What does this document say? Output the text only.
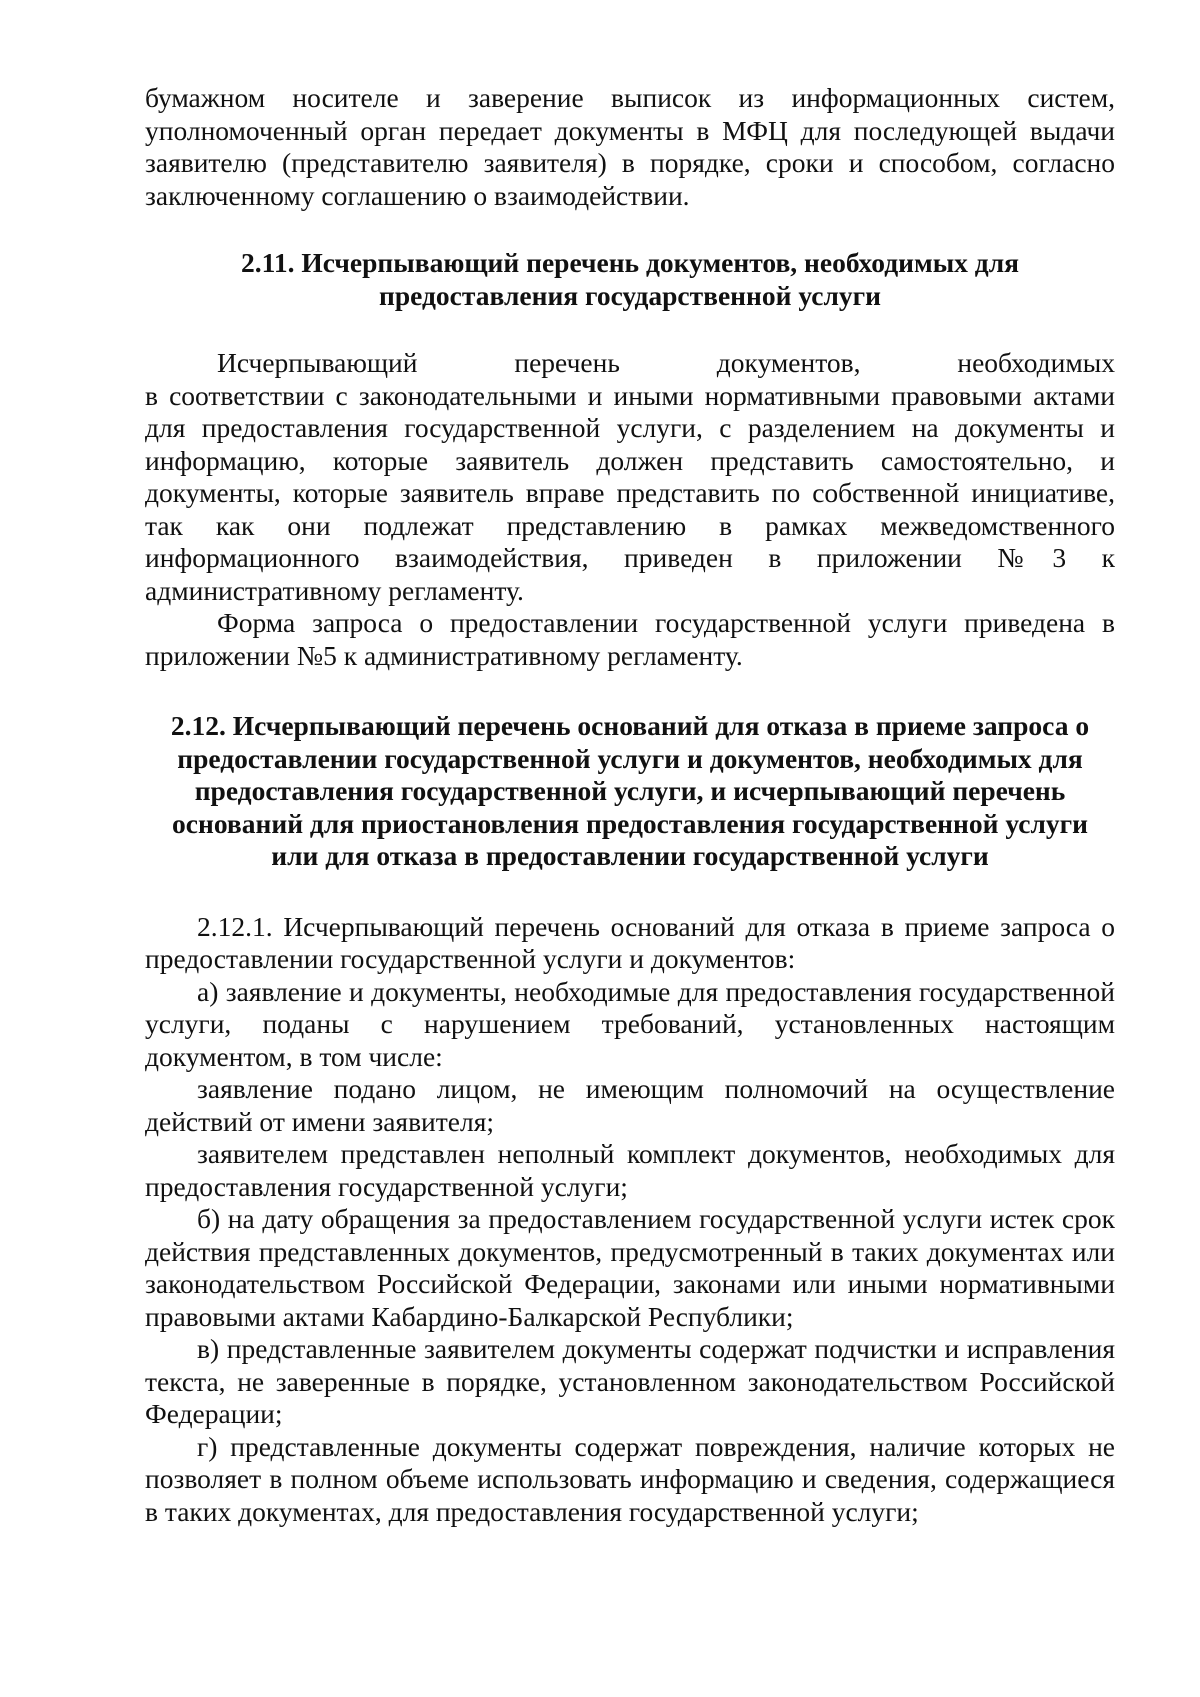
бумажном носителе и заверение выписок из информационных систем, уполномоченный орган передает документы в МФЦ для последующей выдачи заявителю (представителю заявителя) в порядке, сроки и способом, согласно заключенному соглашению о взаимодействии.

2.11. Исчерпывающий перечень документов, необходимых для
предоставления государственной услуги
Исчерпывающий перечень документов, необходимых

в соответствии с законодательными и иными нормативными правовыми актами для предоставления государственной услуги, с разделением на документы и информацию, которые заявитель должен представить самостоятельно, и документы, которые заявитель вправе представить по собственной инициативе, так как они подлежат представлению в рамках межведомственного информационного взаимодействия, приведен в приложении №3 к административному регламенту.

Форма запроса о предоставлении государственной услуги приведена в приложении №5 к административному регламенту.

2.12. Исчерпывающий перечень оснований для отказа в приеме запроса о
предоставлении государственной услуги и документов, необходимых для
предоставления государственной услуги, и исчерпывающий перечень
оснований для приостановления предоставления государственной услуги
или для отказа в предоставлении государственной услуги

2.12.1. Исчерпывающий перечень оснований для отказа в приеме запроса о предоставлении государственной услуги и документов:

а) заявление и документы, необходимые для предоставления государственной услуги, поданы с нарушением требований, установленных настоящим документом, в том числе:

заявление подано лицом, не имеющим полномочий на осуществление действий от имени заявителя;

заявителем представлен неполный комплект документов, необходимых для предоставления государственной услуги;

б) на дату обращения за предоставлением государственной услуги истек срок действия представленных документов, предусмотренный в таких документах или законодательством Российской Федерации, законами или иными нормативными правовыми актами Кабардино-Балкарской Республики;

в) представленные заявителем документы содержат подчистки и исправления текста, не заверенные в порядке, установленном законодательством Российской Федерации;

г) представленные документы содержат повреждения, наличие которых не позволяет в полном объеме использовать информацию и сведения, содержащиеся в таких документах, для предоставления государственной услуги;
